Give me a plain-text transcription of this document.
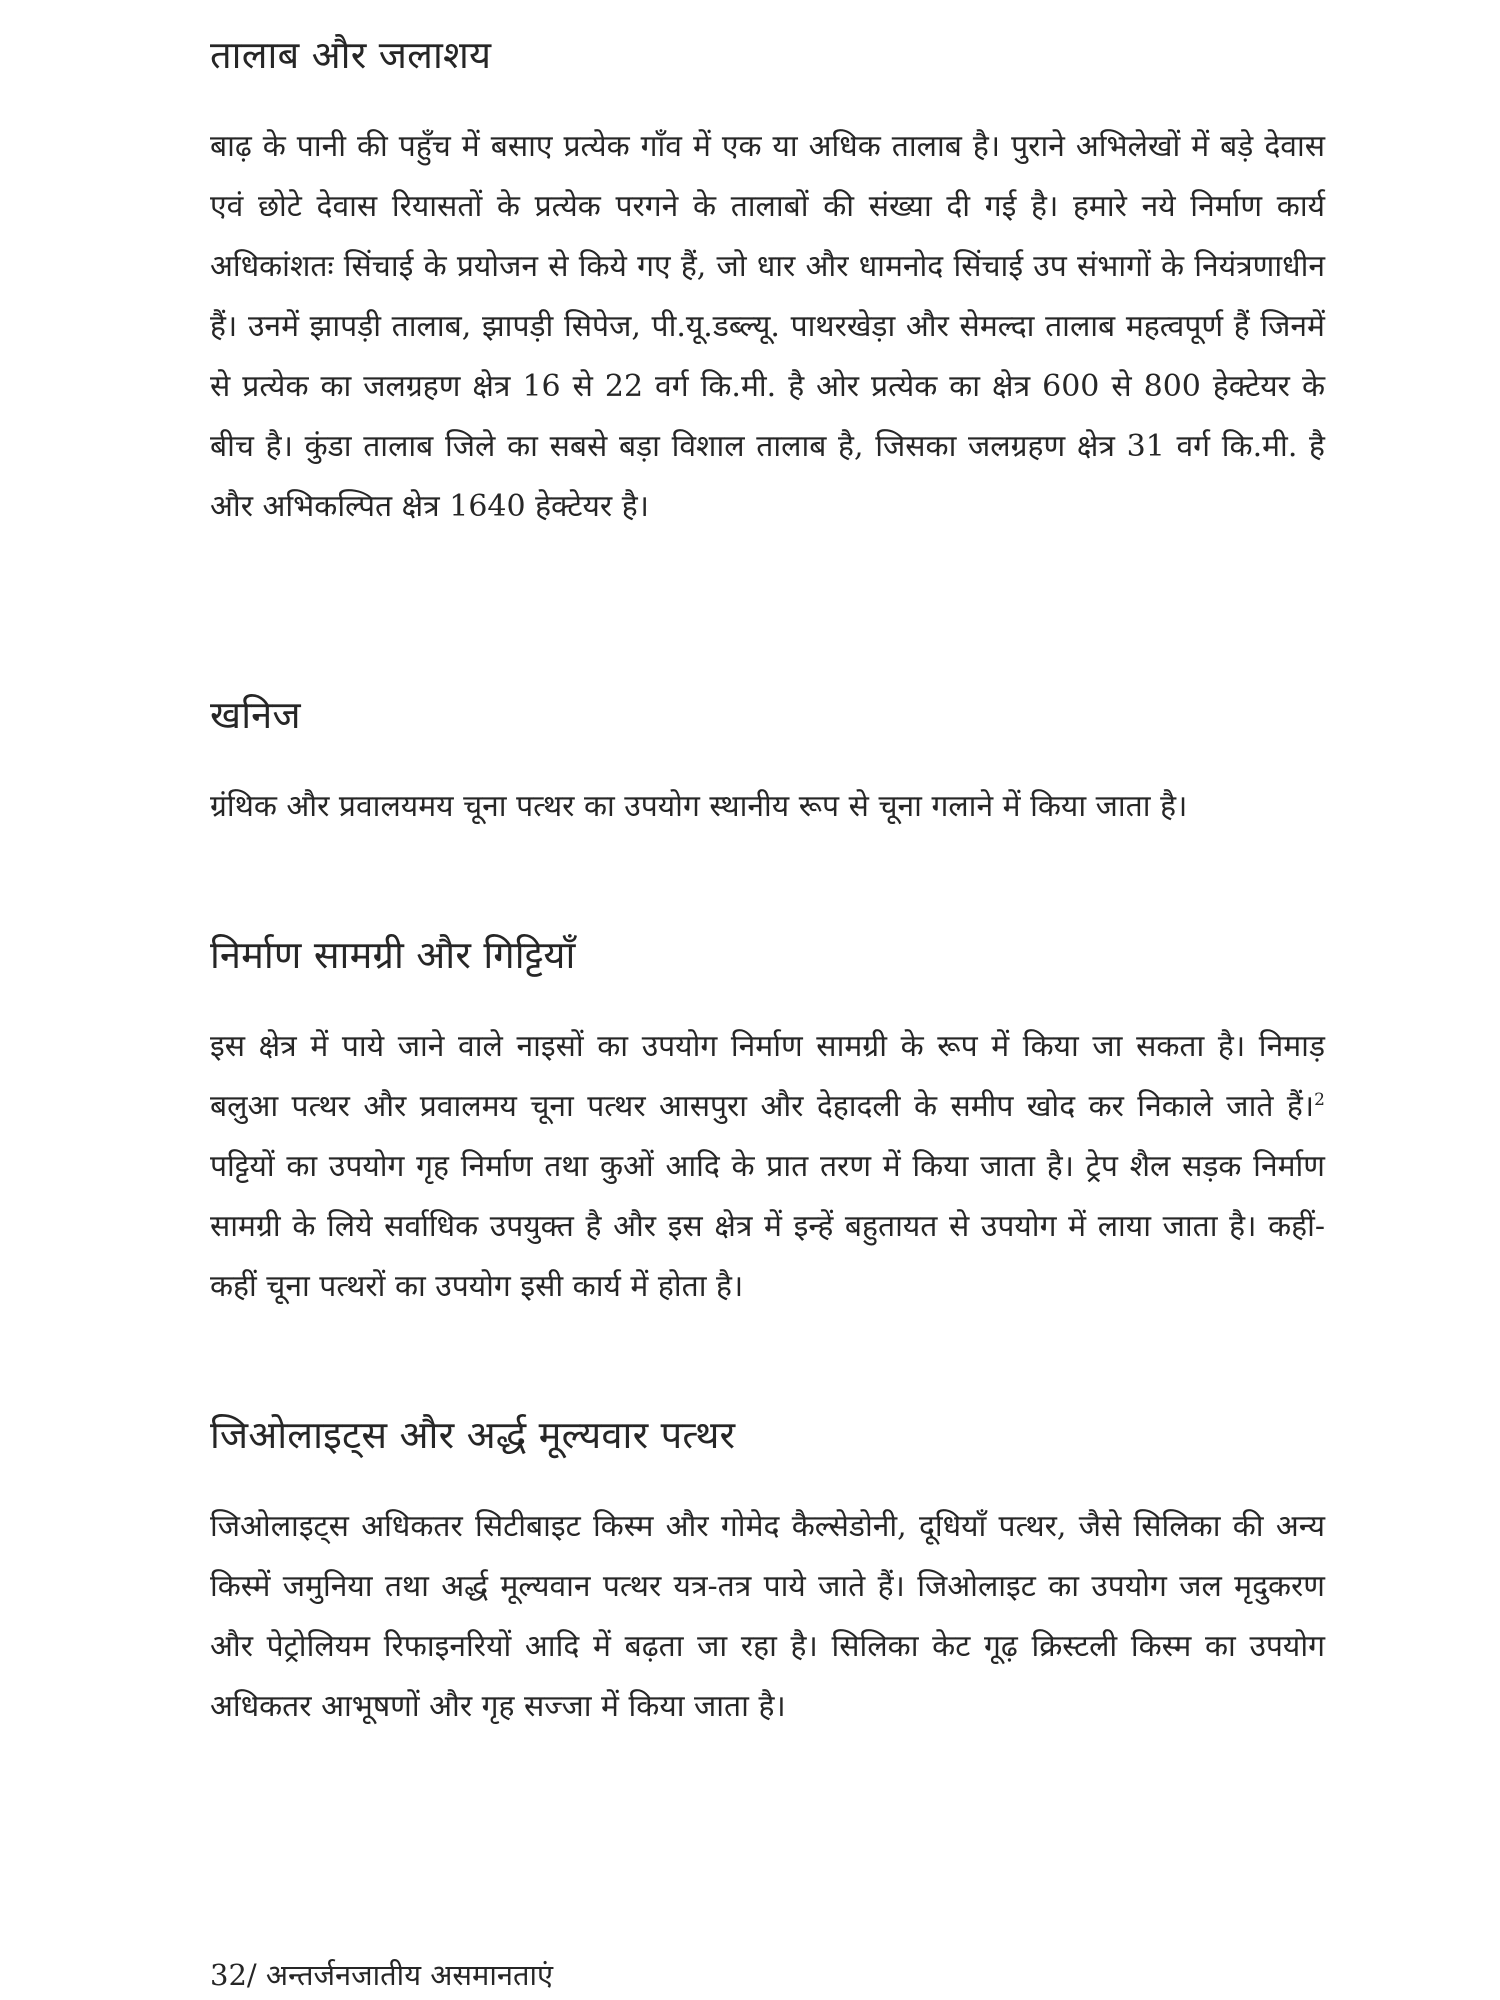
तालाब और जलाशय

बाढ़ के पानी की पहुँच में बसाए प्रत्येक गाँव में एक या अधिक तालाब है। पुराने अभिलेखों में बड़े देवास एवं छोटे देवास रियासतों के प्रत्येक परगने के तालाबों की संख्या दी गई है। हमारे नये निर्माण कार्य अधिकांशतः सिंचाई के प्रयोजन से किये गए हैं, जो धार और धामनोद सिंचाई उप संभागों के नियंत्रणाधीन हैं। उनमें झापड़ी तालाब, झापड़ी सिपेज, पी.यू.डब्ल्यू. पाथरखेड़ा और सेमल्दा तालाब महत्वपूर्ण हैं जिनमें से प्रत्येक का जलग्रहण क्षेत्र 16 से 22 वर्ग कि.मी. है ओर प्रत्येक का क्षेत्र 600 से 800 हेक्टेयर के बीच है। कुंडा तालाब जिले का सबसे बड़ा विशाल तालाब है, जिसका जलग्रहण क्षेत्र 31 वर्ग कि.मी. है और अभिकल्पित क्षेत्र 1640 हेक्टेयर है।

खनिज

ग्रंथिक और प्रवालयमय चूना पत्थर का उपयोग स्थानीय रूप से चूना गलाने में किया जाता है।

निर्माण सामग्री और गिट्टियाँ

इस क्षेत्र में पाये जाने वाले नाइसों का उपयोग निर्माण सामग्री के रूप में किया जा सकता है। निमाड़ बलुआ पत्थर और प्रवालमय चूना पत्थर आसपुरा और देहादली के समीप खोद कर निकाले जाते हैं।$^2$ पट्टियों का उपयोग गृह निर्माण तथा कुओं आदि के प्रात तरण में किया जाता है। ट्रेप शैल सड़क निर्माण सामग्री के लिये सर्वाधिक उपयुक्त है और इस क्षेत्र में इन्हें बहुतायत से उपयोग में लाया जाता है। कहीं-कहीं चूना पत्थरों का उपयोग इसी कार्य में होता है।

जिओलाइट्स और अर्द्ध मूल्यवार पत्थर

जिओलाइट्स अधिकतर सिटीबाइट किस्म और गोमेद कैल्सेडोनी, दूधियाँ पत्थर, जैसे सिलिका की अन्य किस्में जमुनिया तथा अर्द्ध मूल्यवान पत्थर यत्र-तत्र पाये जाते हैं। जिओलाइट का उपयोग जल मृदुकरण और पेट्रोलियम रिफाइनरियों आदि में बढ़ता जा रहा है। सिलिका केट गूढ़ क्रिस्टली किस्म का उपयोग अधिकतर आभूषणों और गृह सज्जा में किया जाता है।

32/ अन्तर्जनजातीय असमानताएं
